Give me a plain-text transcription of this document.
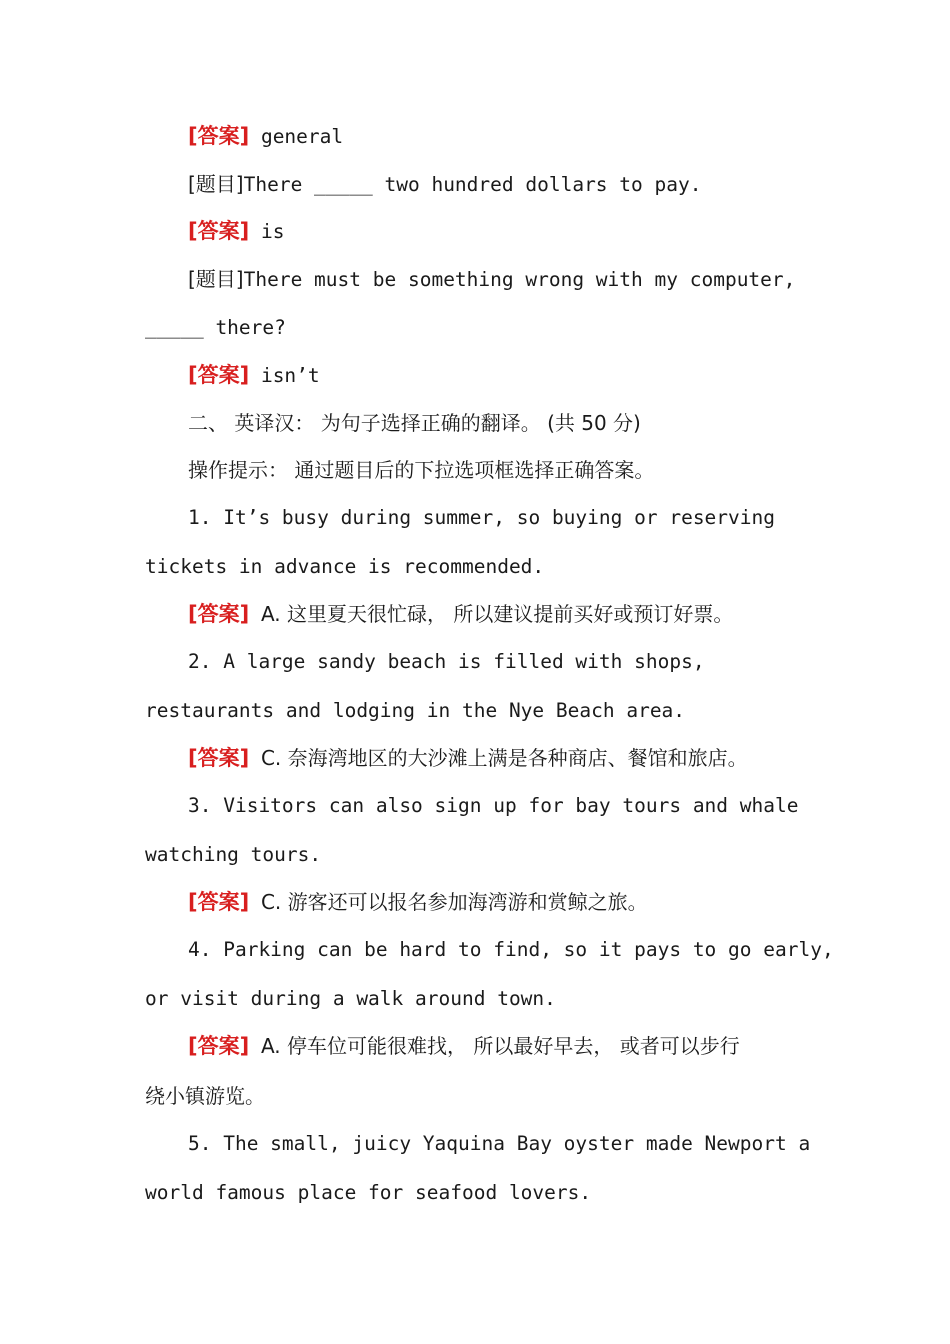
[答案] general
[题目]There _____ two hundred dollars to pay.
[答案] is
[题目]There must be something wrong with my computer,
_____ there?
[答案] isn’t
二、 英译汉： 为句子选择正确的翻译。 (共 50 分)
操作提示： 通过题目后的下拉选项框选择正确答案。
1. It’s busy during summer, so buying or reserving
tickets in advance is recommended.
[答案] A. 这里夏天很忙碌， 所以建议提前买好或预订好票。
2. A large sandy beach is filled with shops,
restaurants and lodging in the Nye Beach area.
[答案] C. 奈海湾地区的大沙滩上满是各种商店、餐馆和旅店。
3. Visitors can also sign up for bay tours and whale
watching tours.
[答案] C. 游客还可以报名参加海湾游和赏鲸之旅。
4. Parking can be hard to find, so it pays to go early,
or visit during a walk around town.
[答案] A. 停车位可能很难找， 所以最好早去， 或者可以步行
绕小镇游览。
5. The small, juicy Yaquina Bay oyster made Newport a
world famous place for seafood lovers.
